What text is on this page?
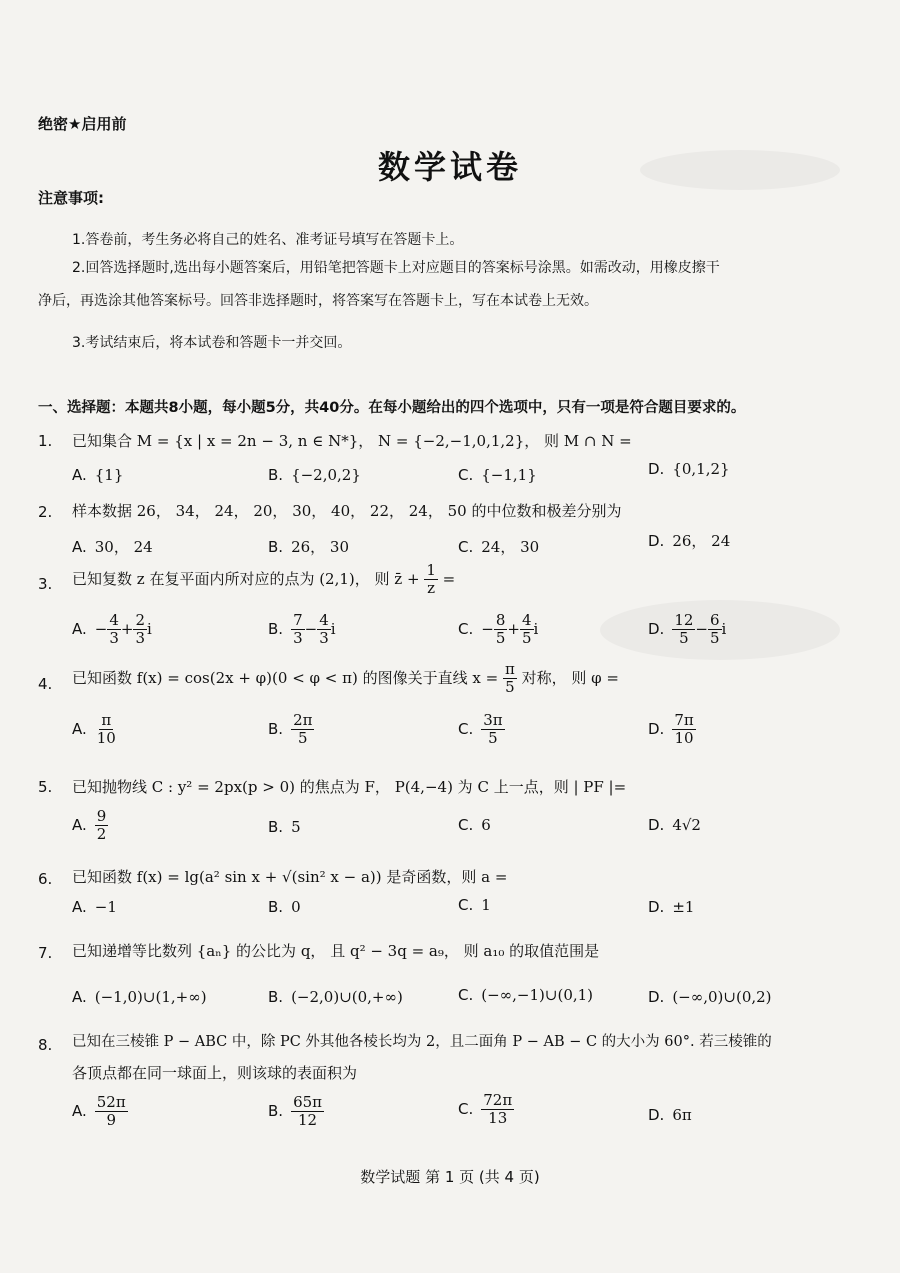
绝密★启用前
数学试卷
注意事项:
1.答卷前，考生务必将自己的姓名、准考证号填写在答题卡上。
2.回答选择题时,选出每小题答案后，用铅笔把答题卡上对应题目的答案标号涂黑。如需改动，用橡皮擦干
净后，再选涂其他答案标号。回答非选择题时，将答案写在答题卡上，写在本试卷上无效。
3.考试结束后，将本试卷和答题卡一并交回。
一、选择题：本题共8小题，每小题5分，共40分。在每小题给出的四个选项中，只有一项是符合题目要求的。
1. 已知集合 M = {x | x = 2n − 3, n ∈ N*}， N = {−2,−1,0,1,2}， 则 M ∩ N =
A. {1}	B. {−2,0,2}	C. {−1,1}	D. {0,1,2}
2. 样本数据 26， 34， 24， 20， 30， 40， 22， 24， 50 的中位数和极差分别为
A. 30， 24	B. 26， 30	C. 24， 30	D. 26， 24
3. 已知复数 z 在复平面内所对应的点为 (2,1)， 则 z̄ + $\frac{1}{z}$ =
A. − $\frac{4}{3} + \frac{2}{3}$ i	B. $\frac{7}{3} - \frac{4}{3}$ i	C. − $\frac{8}{5} + \frac{4}{5}$ i	D. $\frac{12}{5} - \frac{6}{5}$ i
4. 已知函数 f(x) = cos(2x + φ)(0 < φ < π) 的图像关于直线 $x = \frac{\pi}{5}$ 对称， 则 φ =
A. $\frac{\pi}{10}$	B. $\frac{2\pi}{5}$	C. $\frac{3\pi}{5}$	D. $\frac{7\pi}{10}$
5. 已知抛物线 C : y² = 2px(p > 0) 的焦点为 F， P(4,−4) 为 C 上一点，则 | PF |=
A. $\frac{9}{2}$	B. 5	C. 6	D. 4√2
6. 已知函数 f(x) = lg(a² sin x + √(sin² x − a)) 是奇函数，则 a =
A. −1	B. 0	C. 1	D. ±1
7. 已知递增等比数列 {aₙ} 的公比为 q， 且 q² − 3q = a₉， 则 a₁₀ 的取值范围是
A. (−1,0)∪(1,+∞)	B. (−2,0)∪(0,+∞)	C. (−∞,−1)∪(0,1)	D. (−∞,0)∪(0,2)
8. 已知在三棱锥 P − ABC 中，除 PC 外其他各棱长均为 2，且二面角 P − AB − C 的大小为 60°. 若三棱锥的
各顶点都在同一球面上，则该球的表面积为
A. $\frac{52\pi}{9}$	B. $\frac{65\pi}{12}$	C. $\frac{72\pi}{13}$	D. 6π
数学试题 第 1 页 (共 4 页)
